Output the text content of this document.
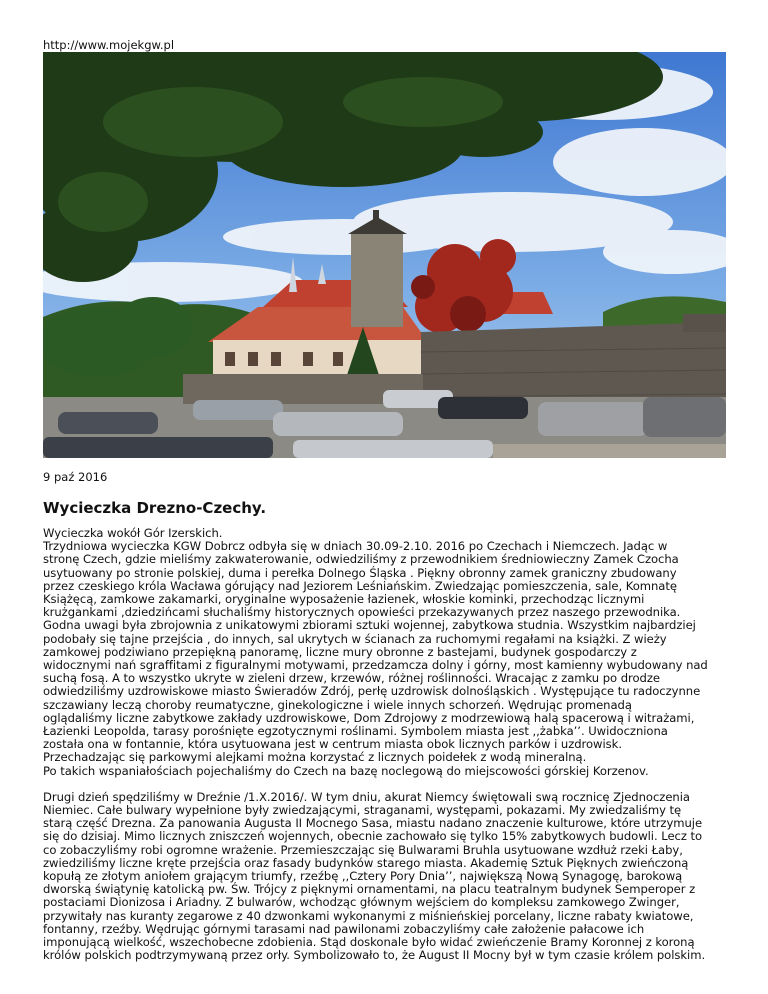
http://www.mojekgw.pl
9 paź 2016
Wycieczka Drezno-Czechy.

Wycieczka wokół Gór Izerskich.
Trzydniowa wycieczka KGW Dobrcz odbyła się w dniach 30.09-2.10. 2016 po Czechach i Niemczech. Jadąc w
stronę Czech, gdzie mieliśmy zakwaterowanie, odwiedziliśmy z przewodnikiem średniowieczny Zamek Czocha
usytuowany po stronie polskiej, duma i perełka Dolnego Śląska . Piękny obronny zamek graniczny zbudowany
przez czeskiego króla Wacława górujący nad Jeziorem Leśniańskim. Zwiedzając pomieszczenia, sale, Komnatę
Książęcą, zamkowe zakamarki, oryginalne wyposażenie łazienek, włoskie kominki, przechodząc licznymi
krużgankami ,dziedzińcami słuchaliśmy historycznych opowieści przekazywanych przez naszego przewodnika.
Godna uwagi była zbrojownia z unikatowymi zbiorami sztuki wojennej, zabytkowa studnia. Wszystkim najbardziej
podobały się tajne przejścia , do innych, sal ukrytych w ścianach za ruchomymi regałami na książki. Z wieży
zamkowej podziwiano przepiękną panoramę, liczne mury obronne z bastejami, budynek gospodarczy z
widocznymi nań sgraffitami z figuralnymi motywami, przedzamcza dolny i górny, most kamienny wybudowany nad
suchą fosą. A to wszystko ukryte w zieleni drzew, krzewów, różnej roślinności. Wracając z zamku po drodze
odwiedziliśmy uzdrowiskowe miasto Świeradów Zdrój, perłę uzdrowisk dolnośląskich . Występujące tu radoczynne
szczawiany leczą choroby reumatyczne, ginekologiczne i wiele innych schorzeń. Wędrując promenadą
oglądaliśmy liczne zabytkowe zakłady uzdrowiskowe, Dom Zdrojowy z modrzewiową halą spacerową i witrażami,
Łazienki Leopolda, tarasy porośnięte egzotycznymi roślinami. Symbolem miasta jest ,,żabka’’. Uwidoczniona
została ona w fontannie, która usytuowana jest w centrum miasta obok licznych parków i uzdrowisk.
Przechadzając się parkowymi alejkami można korzystać z licznych poidełek z wodą mineralną.
Po takich wspaniałościach pojechaliśmy do Czech na bazę noclegową do miejscowości górskiej Korzenov.

Drugi dzień spędziliśmy w Dreźnie /1.X.2016/. W tym dniu, akurat Niemcy świętowali swą rocznicę Zjednoczenia
Niemiec. Całe bulwary wypełnione były zwiedzającymi, straganami, występami, pokazami. My zwiedzaliśmy tę
starą część Drezna. Za panowania Augusta II Mocnego Sasa, miastu nadano znaczenie kulturowe, które utrzymuje
się do dzisiaj. Mimo licznych zniszczeń wojennych, obecnie zachowało się tylko 15% zabytkowych budowli. Lecz to
co zobaczyliśmy robi ogromne wrażenie. Przemieszczając się Bulwarami Bruhla usytuowane wzdłuż rzeki Łaby,
zwiedziliśmy liczne kręte przejścia oraz fasady budynków starego miasta. Akademię Sztuk Pięknych zwieńczoną
kopułą ze złotym aniołem grającym triumfy, rzeźbę ,,Cztery Pory Dnia’’, największą Nową Synagogę, barokową
dworską świątynię katolicką pw. Św. Trójcy z pięknymi ornamentami, na placu teatralnym budynek Semperoper z
postaciami Dionizosa i Ariadny. Z bulwarów, wchodząc głównym wejściem do kompleksu zamkowego Zwinger,
przywitały nas kuranty zegarowe z 40 dzwonkami wykonanymi z miśnieńskiej porcelany, liczne rabaty kwiatowe,
fontanny, rzeźby. Wędrując górnymi tarasami nad pawilonami zobaczyliśmy całe założenie pałacowe ich
imponującą wielkość, wszechobecne zdobienia. Stąd doskonale było widać zwieńczenie Bramy Koronnej z koroną
królów polskich podtrzymywaną przez orły. Symbolizowało to, że August II Mocny był w tym czasie królem polskim.
